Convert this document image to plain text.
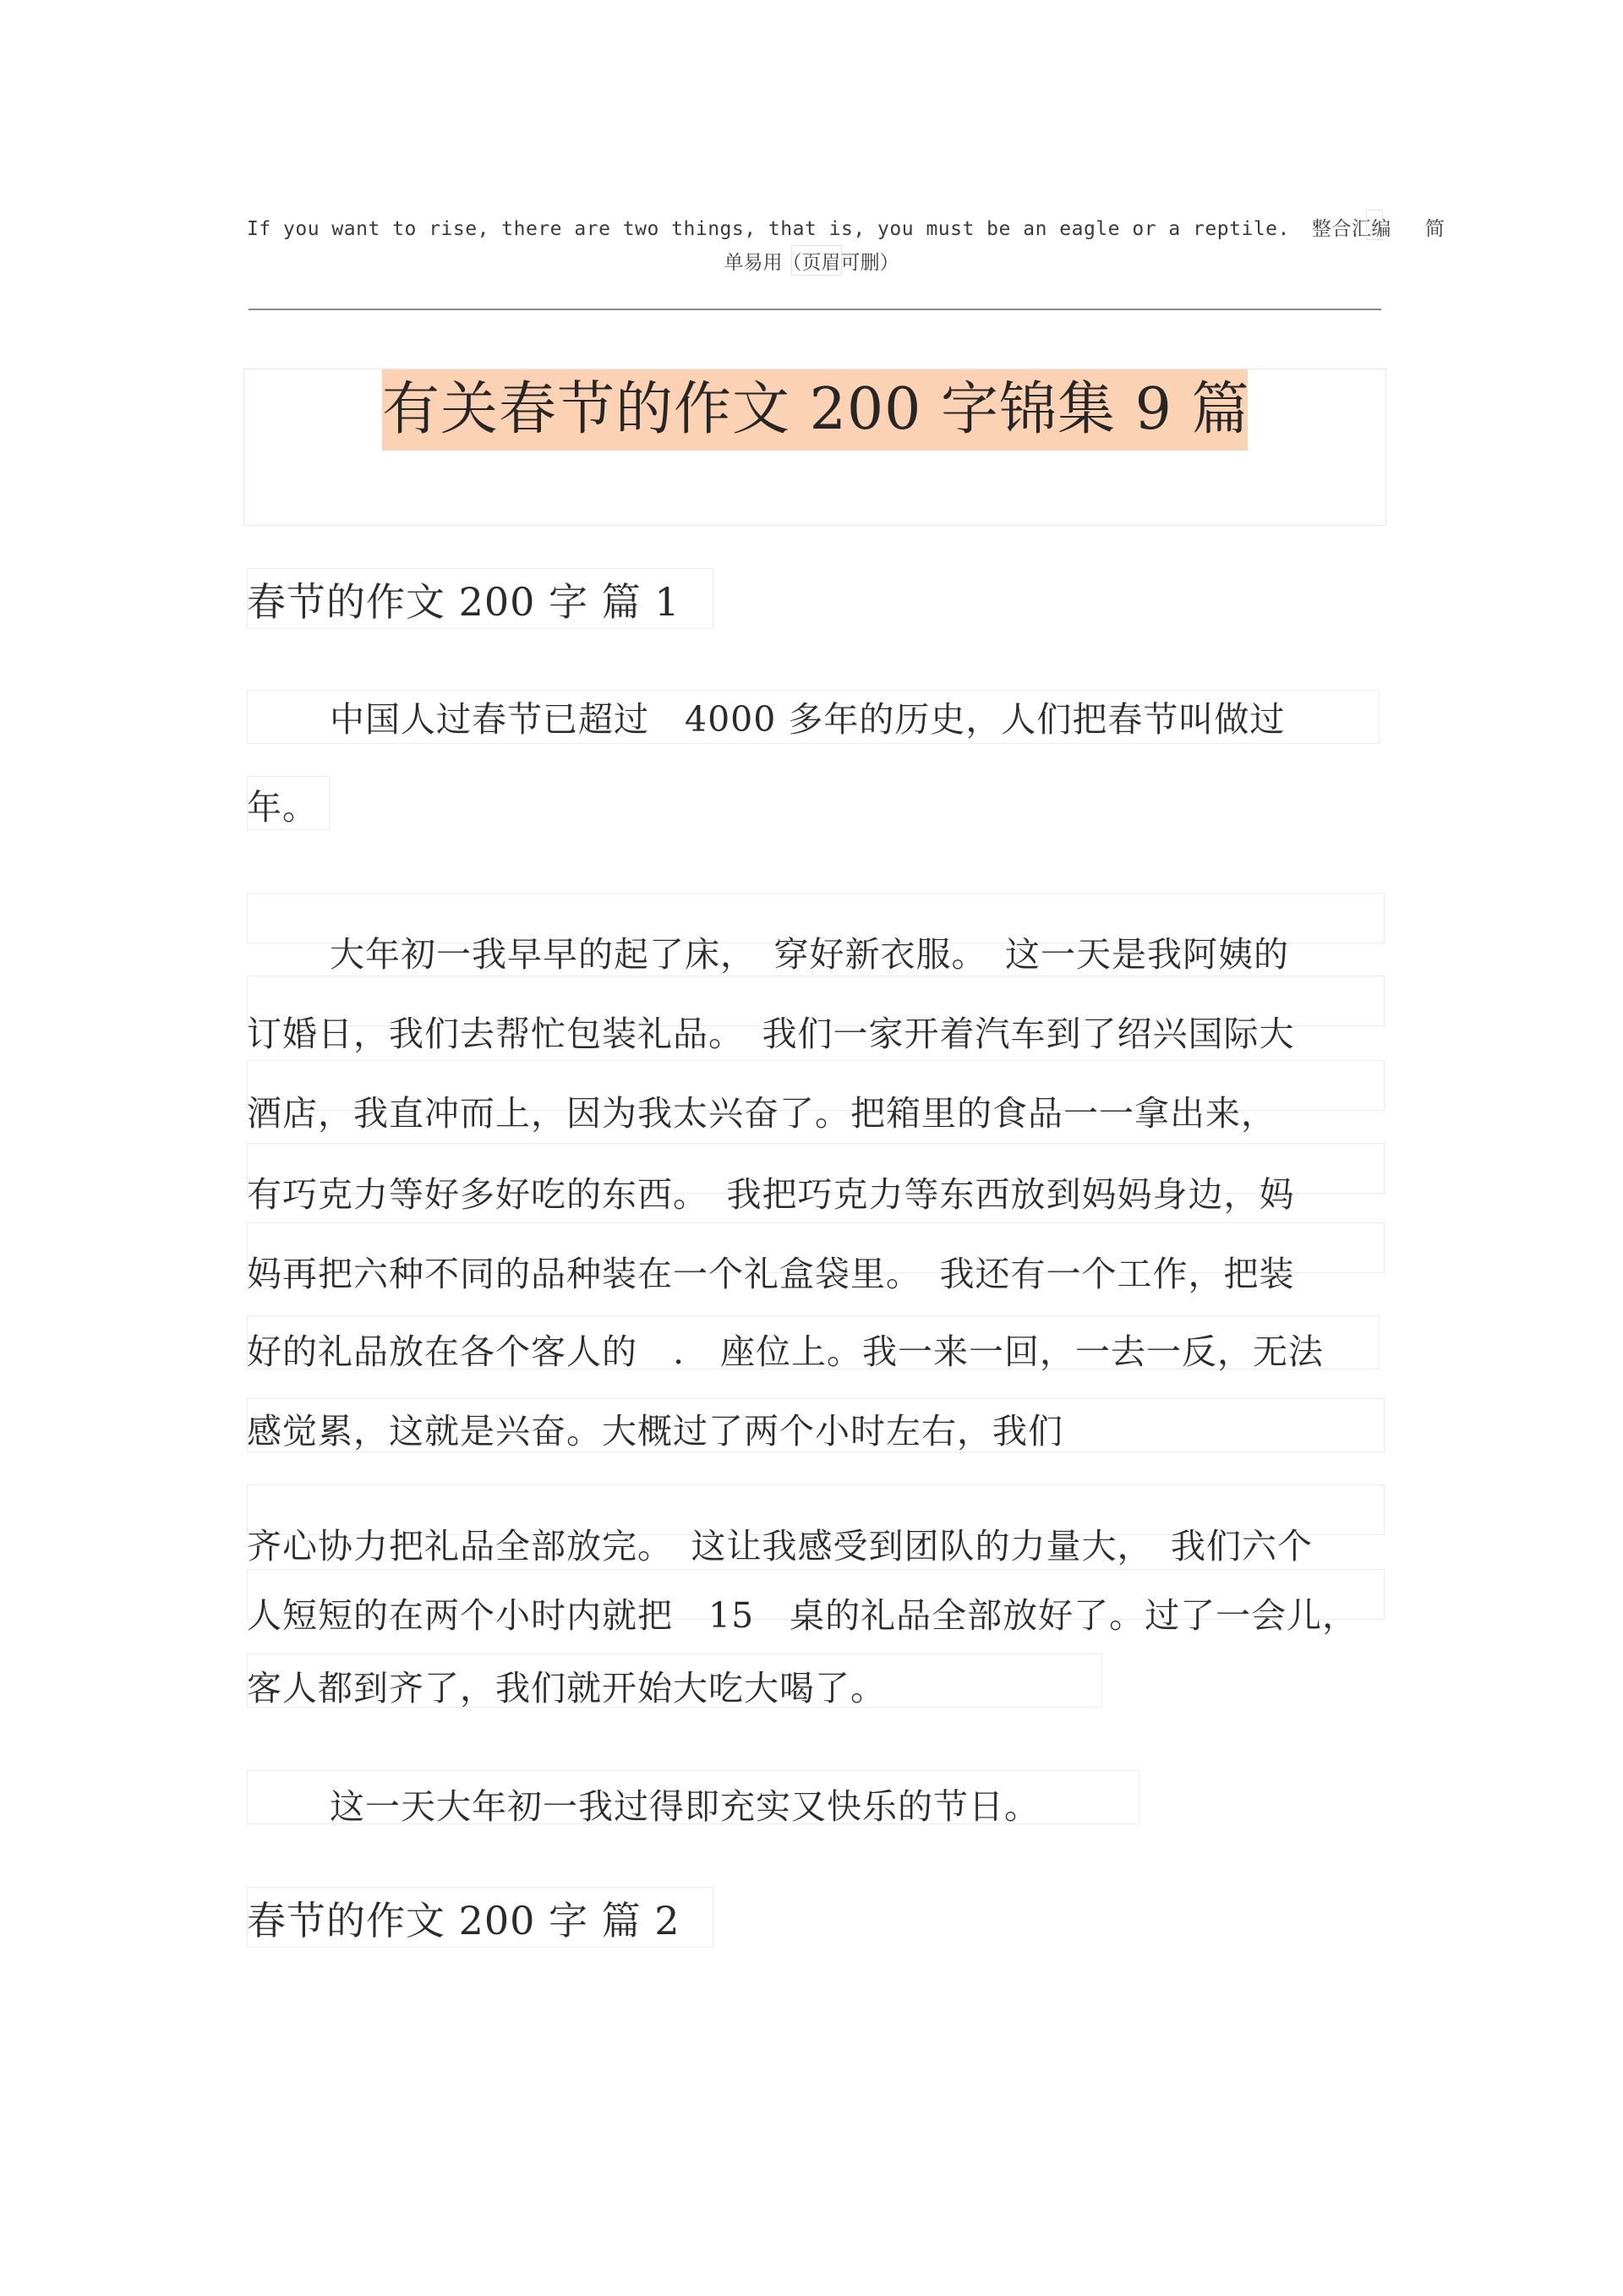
If you want to rise, there are two things, that is, you must be an eagle or a reptile. 整合汇编 简
单易用（页眉可删）
有关春节的作文 200 字锦集 9 篇
春节的作文 200 字 篇 1
中国人过春节已超过　4000 多年的历史，人们把春节叫做过
年。
大年初一我早早的起了床，　穿好新衣服。　这一天是我阿姨的
订婚日，我们去帮忙包装礼品。　我们一家开着汽车到了绍兴国际大
酒店，我直冲而上，因为我太兴奋了。把箱里的食品一一拿出来，
有巧克力等好多好吃的东西。　我把巧克力等东西放到妈妈身边，妈
妈再把六种不同的品种装在一个礼盒袋里。　我还有一个工作，把装
好的礼品放在各个客人的　.　座位上。我一来一回，一去一反，无法
感觉累，这就是兴奋。大概过了两个小时左右，我们
齐心协力把礼品全部放完。　这让我感受到团队的力量大，　我们六个
人短短的在两个小时内就把　15　桌的礼品全部放好了。过了一会儿，
客人都到齐了，我们就开始大吃大喝了。
这一天大年初一我过得即充实又快乐的节日。
春节的作文 200 字 篇 2
